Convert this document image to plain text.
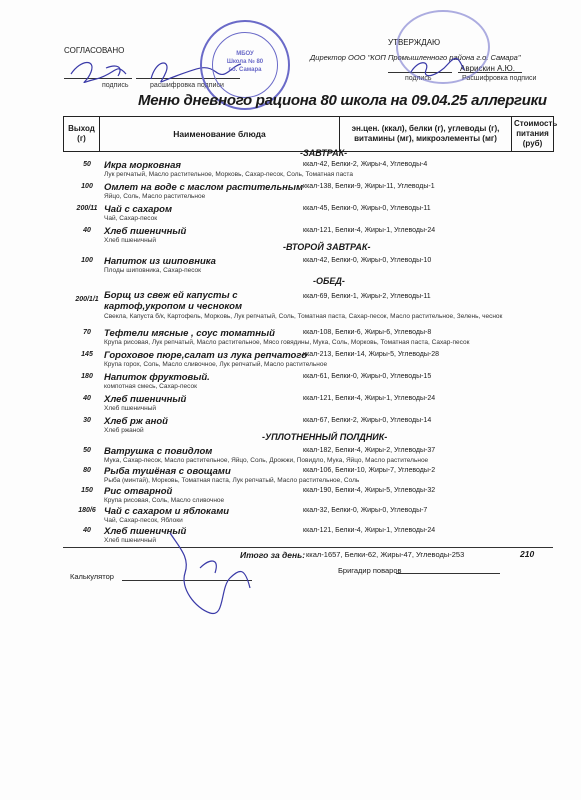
СОГЛАСОВАНО
подпись	расшифровка подписи
МБОУ
Школа № 80
г.о. Самара
УТВЕРЖДАЮ
Директор ООО "КОП Промышленного района г.о. Самара"
подпись
Аврискин А.Ю.
Расшифровка подписи
Меню дневного рациона 80 школа на 09.04.25 аллергики
Выход (г)	Наименование блюда	эн.цен. (ккал), белки (г), углеводы (г), витамины (мг), микроэлементы (мг)	Стоимость питания (руб)
-ЗАВТРАК-
50	Икра морковная
Лук репчатый, Масло растительное, Морковь, Сахар-песок, Соль, Томатная паста
ккал-42, Белки-2, Жиры-4, Углеводы-4
100	Омлет на воде с маслом растительным
Яйцо, Соль, Масло растительное
ккал-138, Белки-9, Жиры-11, Углеводы-1
200/11 Чай с сахаром
Чай, Сахар-песок
ккал-45, Белки-0, Жиры-0, Углеводы-11
40	Хлеб пшеничный
Хлеб пшеничный
ккал-121, Белки-4, Жиры-1, Углеводы-24
-ВТОРОЙ ЗАВТРАК-
100	Напиток из шиповника
Плоды шиповника, Сахар-песок
ккал-42, Белки-0, Жиры-0, Углеводы-10
-ОБЕД-
200/1/1 Борщ из свеж ей капусты с картоф,укропом и чесноком
Свекла, Капуста б/к, Картофель, Морковь, Лук репчатый, Соль, Томатная паста, Сахар-песок, Масло растительное, Зелень, чеснок
ккал-69, Белки-1, Жиры-2, Углеводы-11
70	Тефтели мясные , соус томатный
Крупа рисовая, Лук репчатый, Масло растительное, Мясо говядины, Мука, Соль, Морковь, Томатная паста, Сахар-песок
ккал-108, Белки-6, Жиры-6, Углеводы-8
145	Гороховое пюре,салат из лука репчатого
Крупа горох, Соль, Масло сливочное, Лук репчатый, Масло растительное
ккал-213, Белки-14, Жиры-5, Углеводы-28
180	Напиток фруктовый.
компотная смесь, Сахар-песок
ккал-61, Белки-0, Жиры-0, Углеводы-15
40	Хлеб пшеничный
Хлеб пшеничный
ккал-121, Белки-4, Жиры-1, Углеводы-24
30	Хлеб рж аной
Хлеб ржаной
ккал-67, Белки-2, Жиры-0, Углеводы-14
-УПЛОТНЕННЫЙ ПОЛДНИК-
50	Ватрушка с повидлом
Мука, Сахар-песок, Масло растительное, Яйцо, Соль, Дрожжи, Повидло, Мука, Яйцо, Масло растительное
ккал-182, Белки-4, Жиры-2, Углеводы-37
80	Рыба тушёная с овощами
Рыба (минтай), Морковь, Томатная паста, Лук репчатый, Масло растительное, Соль
ккал-106, Белки-10, Жиры-7, Углеводы-2
150	Рис отварной
Крупа рисовая, Соль, Масло сливочное
ккал-190, Белки-4, Жиры-5, Углеводы-32
180/6 Чай с сахаром и яблоками
Чай, Сахар-песок, Яблоки
ккал-32, Белки-0, Жиры-0, Углеводы-7
40	Хлеб пшеничный
Хлеб пшеничный
ккал-121, Белки-4, Жиры-1, Углеводы-24
Итого за день: ккал-1657, Белки-62, Жиры-47, Углеводы-253	210
Калькулятор
Бригадир поваров
